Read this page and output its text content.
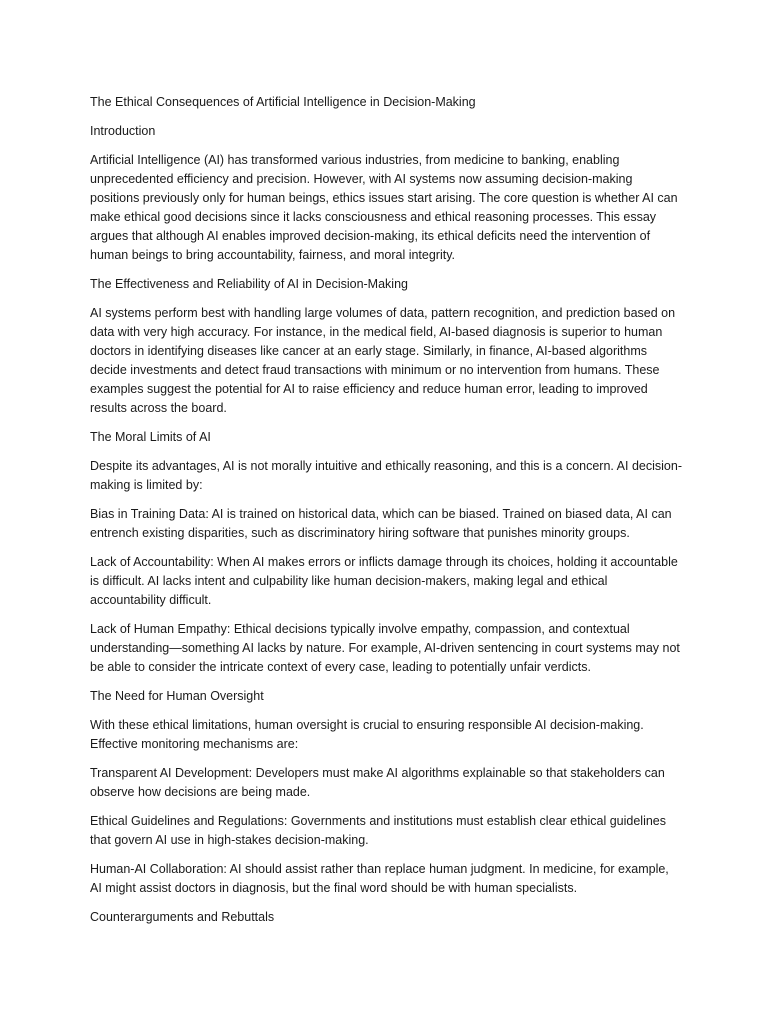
The Ethical Consequences of Artificial Intelligence in Decision-Making

Introduction

Artificial Intelligence (AI) has transformed various industries, from medicine to banking, enabling unprecedented efficiency and precision. However, with AI systems now assuming decision-making positions previously only for human beings, ethics issues start arising. The core question is whether AI can make ethical good decisions since it lacks consciousness and ethical reasoning processes. This essay argues that although AI enables improved decision-making, its ethical deficits need the intervention of human beings to bring accountability, fairness, and moral integrity.

The Effectiveness and Reliability of AI in Decision-Making

AI systems perform best with handling large volumes of data, pattern recognition, and prediction based on data with very high accuracy. For instance, in the medical field, AI-based diagnosis is superior to human doctors in identifying diseases like cancer at an early stage. Similarly, in finance, AI-based algorithms decide investments and detect fraud transactions with minimum or no intervention from humans. These examples suggest the potential for AI to raise efficiency and reduce human error, leading to improved results across the board.

The Moral Limits of AI

Despite its advantages, AI is not morally intuitive and ethically reasoning, and this is a concern. AI decision-making is limited by:

Bias in Training Data: AI is trained on historical data, which can be biased. Trained on biased data, AI can entrench existing disparities, such as discriminatory hiring software that punishes minority groups.

Lack of Accountability: When AI makes errors or inflicts damage through its choices, holding it accountable is difficult. AI lacks intent and culpability like human decision-makers, making legal and ethical accountability difficult.

Lack of Human Empathy: Ethical decisions typically involve empathy, compassion, and contextual understanding—something AI lacks by nature. For example, AI-driven sentencing in court systems may not be able to consider the intricate context of every case, leading to potentially unfair verdicts.

The Need for Human Oversight

With these ethical limitations, human oversight is crucial to ensuring responsible AI decision-making. Effective monitoring mechanisms are:

Transparent AI Development: Developers must make AI algorithms explainable so that stakeholders can observe how decisions are being made.

Ethical Guidelines and Regulations: Governments and institutions must establish clear ethical guidelines that govern AI use in high-stakes decision-making.

Human-AI Collaboration: AI should assist rather than replace human judgment. In medicine, for example, AI might assist doctors in diagnosis, but the final word should be with human specialists.

Counterarguments and Rebuttals
